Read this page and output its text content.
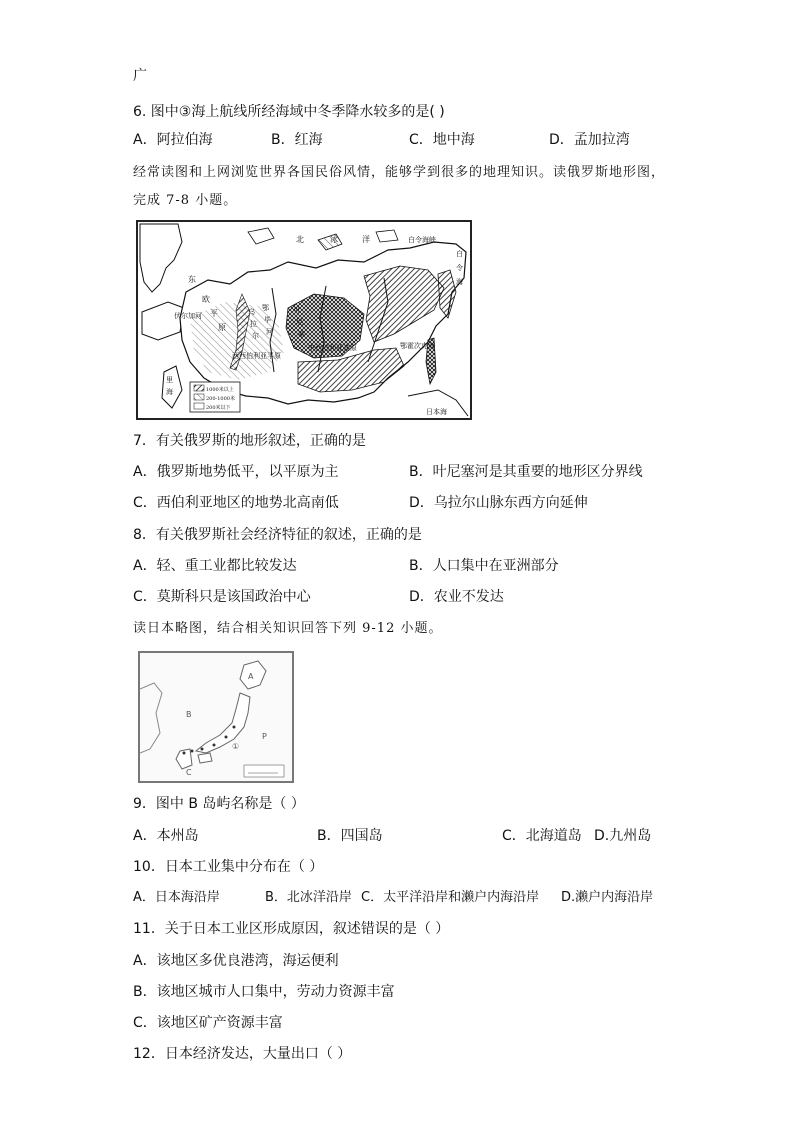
广
6. 图中③海上航线所经海域中冬季降水较多的是( )
A．阿拉伯海	B．红海	C．地中海	D．孟加拉湾
经常读图和上网浏览世界各国民俗风情，能够学到很多的地理知识。读俄罗斯地形图，
完成 7-8 小题。
北	冰	洋	白令海峡
白
令
海
东
欧
平
原
伏尔加河	乌
拉
尔
鄂
毕
河
叶
尼
塞
西西伯利亚平原
中西伯利亚高原	鄂霍次克海
里
海
日本海
1000米以上
200-1000米
200米以下
7．有关俄罗斯的地形叙述，正确的是
A．俄罗斯地势低平，以平原为主	B．叶尼塞河是其重要的地形区分界线
C．西伯利亚地区的地势北高南低	D．乌拉尔山脉东西方向延伸
8．有关俄罗斯社会经济特征的叙述，正确的是
A．轻、重工业都比较发达	B．人口集中在亚洲部分
C．莫斯科只是该国政治中心	D．农业不发达
读日本略图，结合相关知识回答下列 9-12 小题。
A
B
C
P
①
9．图中 B 岛屿名称是（ ）
A．本州岛	B．四国岛	C．北海道岛 D.九州岛
10．日本工业集中分布在（ ）
A．日本海沿岸	B．北冰洋沿岸 C．太平洋沿岸和濑户内海沿岸 D.濑户内海沿岸
11．关于日本工业区形成原因，叙述错误的是（ ）
A．该地区多优良港湾，海运便利
B．该地区城市人口集中，劳动力资源丰富
C．该地区矿产资源丰富
12．日本经济发达，大量出口（ ）
